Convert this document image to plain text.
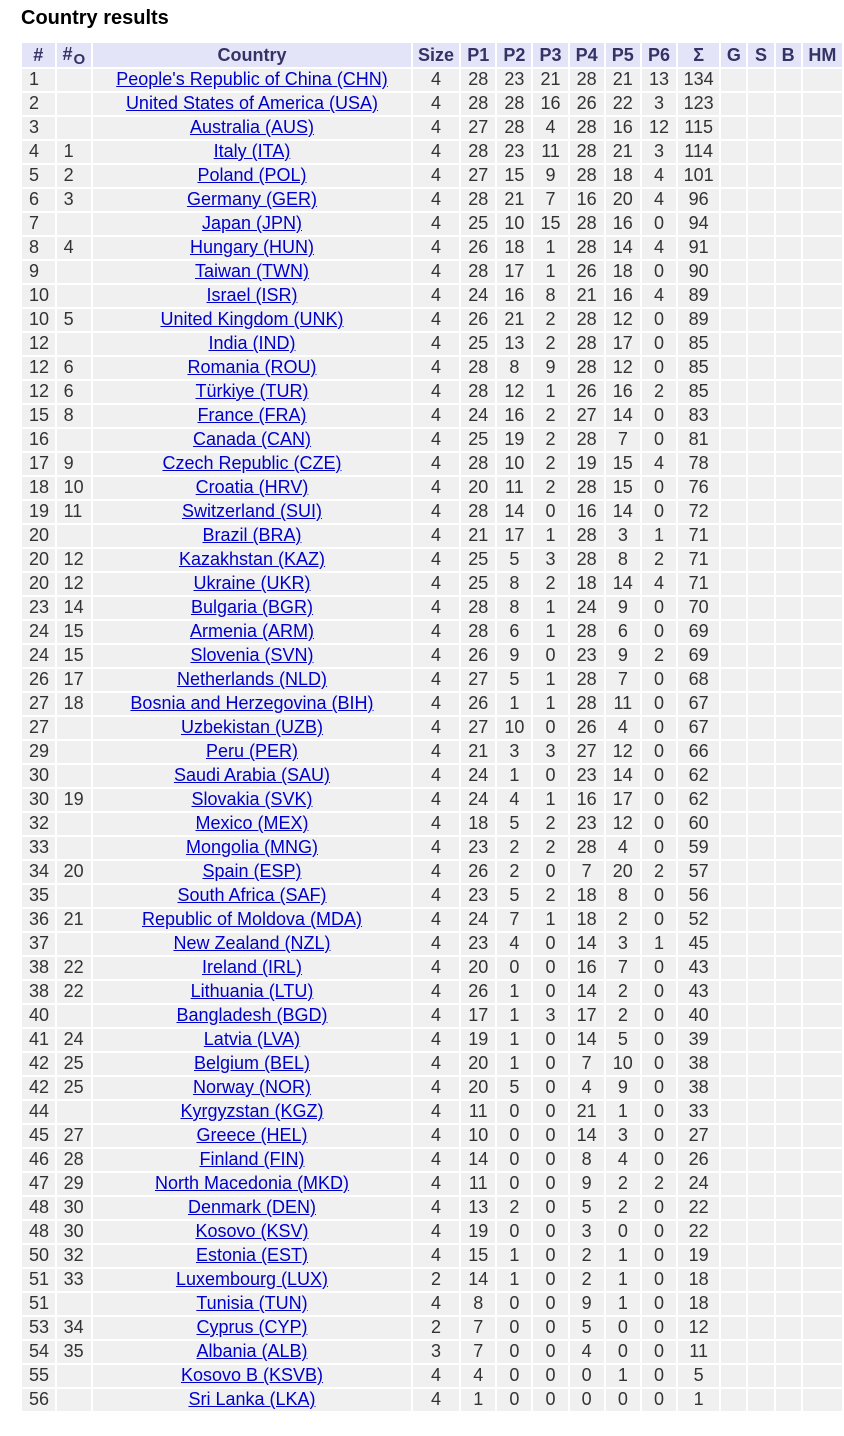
Country results
#	$\#_O$	Country	Size	P1	P2	P3	P4	P5	P6	Σ	G	S	B	HM
1		People's Republic of China (CHN)	4	28	23	21	28	21	13	134				
2		United States of America (USA)	4	28	28	16	26	22	3	123				
3		Australia (AUS)	4	27	28	4	28	16	12	115				
4	1	Italy (ITA)	4	28	23	11	28	21	3	114				
5	2	Poland (POL)	4	27	15	9	28	18	4	101				
6	3	Germany (GER)	4	28	21	7	16	20	4	96				
7		Japan (JPN)	4	25	10	15	28	16	0	94				
8	4	Hungary (HUN)	4	26	18	1	28	14	4	91				
9		Taiwan (TWN)	4	28	17	1	26	18	0	90				
10		Israel (ISR)	4	24	16	8	21	16	4	89				
10	5	United Kingdom (UNK)	4	26	21	2	28	12	0	89				
12		India (IND)	4	25	13	2	28	17	0	85				
12	6	Romania (ROU)	4	28	8	9	28	12	0	85				
12	6	Türkiye (TUR)	4	28	12	1	26	16	2	85				
15	8	France (FRA)	4	24	16	2	27	14	0	83				
16		Canada (CAN)	4	25	19	2	28	7	0	81				
17	9	Czech Republic (CZE)	4	28	10	2	19	15	4	78				
18	10	Croatia (HRV)	4	20	11	2	28	15	0	76				
19	11	Switzerland (SUI)	4	28	14	0	16	14	0	72				
20		Brazil (BRA)	4	21	17	1	28	3	1	71				
20	12	Kazakhstan (KAZ)	4	25	5	3	28	8	2	71				
20	12	Ukraine (UKR)	4	25	8	2	18	14	4	71				
23	14	Bulgaria (BGR)	4	28	8	1	24	9	0	70				
24	15	Armenia (ARM)	4	28	6	1	28	6	0	69				
24	15	Slovenia (SVN)	4	26	9	0	23	9	2	69				
26	17	Netherlands (NLD)	4	27	5	1	28	7	0	68				
27	18	Bosnia and Herzegovina (BIH)	4	26	1	1	28	11	0	67				
27		Uzbekistan (UZB)	4	27	10	0	26	4	0	67				
29		Peru (PER)	4	21	3	3	27	12	0	66				
30		Saudi Arabia (SAU)	4	24	1	0	23	14	0	62				
30	19	Slovakia (SVK)	4	24	4	1	16	17	0	62				
32		Mexico (MEX)	4	18	5	2	23	12	0	60				
33		Mongolia (MNG)	4	23	2	2	28	4	0	59				
34	20	Spain (ESP)	4	26	2	0	7	20	2	57				
35		South Africa (SAF)	4	23	5	2	18	8	0	56				
36	21	Republic of Moldova (MDA)	4	24	7	1	18	2	0	52				
37		New Zealand (NZL)	4	23	4	0	14	3	1	45				
38	22	Ireland (IRL)	4	20	0	0	16	7	0	43				
38	22	Lithuania (LTU)	4	26	1	0	14	2	0	43				
40		Bangladesh (BGD)	4	17	1	3	17	2	0	40				
41	24	Latvia (LVA)	4	19	1	0	14	5	0	39				
42	25	Belgium (BEL)	4	20	1	0	7	10	0	38				
42	25	Norway (NOR)	4	20	5	0	4	9	0	38				
44		Kyrgyzstan (KGZ)	4	11	0	0	21	1	0	33				
45	27	Greece (HEL)	4	10	0	0	14	3	0	27				
46	28	Finland (FIN)	4	14	0	0	8	4	0	26				
47	29	North Macedonia (MKD)	4	11	0	0	9	2	2	24				
48	30	Denmark (DEN)	4	13	2	0	5	2	0	22				
48	30	Kosovo (KSV)	4	19	0	0	3	0	0	22				
50	32	Estonia (EST)	4	15	1	0	2	1	0	19				
51	33	Luxembourg (LUX)	2	14	1	0	2	1	0	18				
51		Tunisia (TUN)	4	8	0	0	9	1	0	18				
53	34	Cyprus (CYP)	2	7	0	0	5	0	0	12				
54	35	Albania (ALB)	3	7	0	0	4	0	0	11				
55		Kosovo B (KSVB)	4	4	0	0	0	1	0	5				
56		Sri Lanka (LKA)	4	1	0	0	0	0	0	1				
